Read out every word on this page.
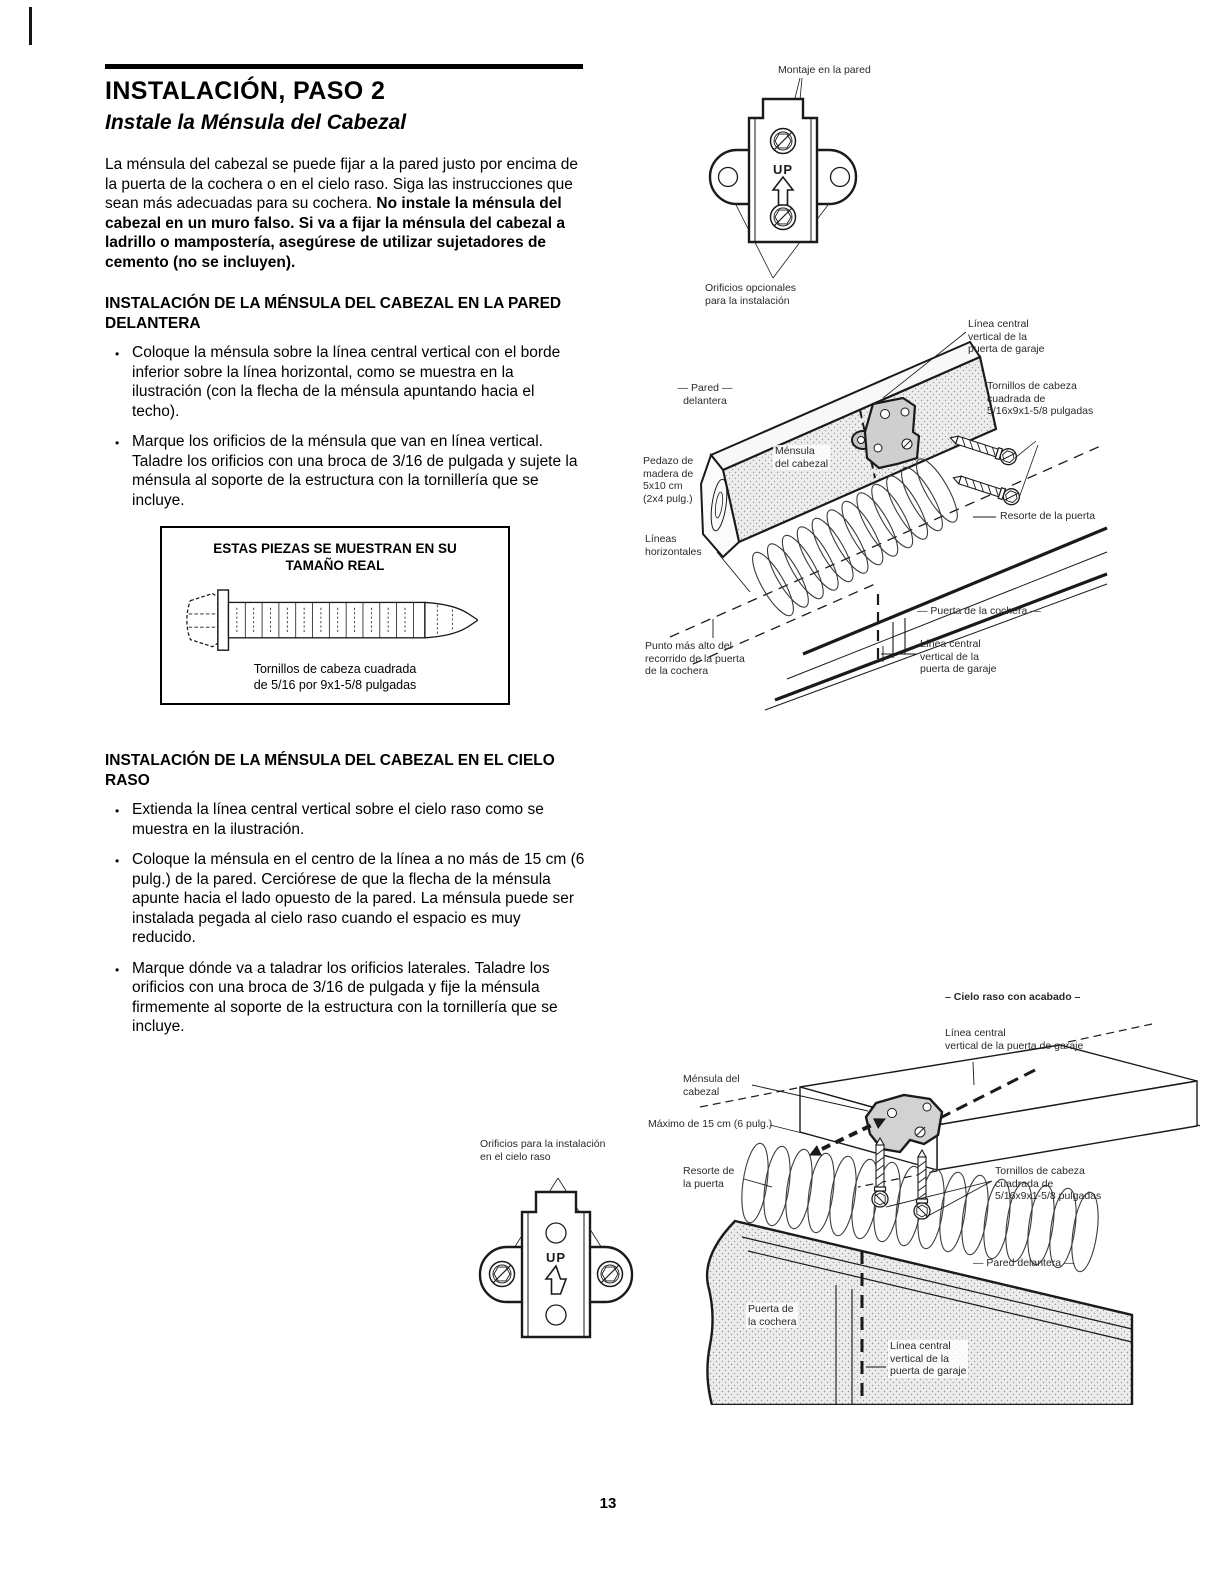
INSTALACIÓN, PASO 2
Instale la Ménsula del Cabezal

La ménsula del cabezal se puede fijar a la pared justo por encima de la puerta de la cochera o en el cielo raso. Siga las instrucciones que sean más adecuadas para su cochera. No instale la ménsula del cabezal en un muro falso. Si va a fijar la ménsula del cabezal a ladrillo o mampostería, asegúrese de utilizar sujetadores de cemento (no se incluyen).

INSTALACIÓN DE LA MÉNSULA DEL CABEZAL EN LA PARED DELANTERA
• Coloque la ménsula sobre la línea central vertical con el borde inferior sobre la línea horizontal, como se muestra en la ilustración (con la flecha de la ménsula apuntando hacia el techo).
• Marque los orificios de la ménsula que van en línea vertical. Taladre los orificios con una broca de 3/16 de pulgada y sujete la ménsula al soporte de la estructura con la tornillería que se incluye.
ESTAS PIEZAS SE MUESTRAN EN SU
TAMAÑO REAL
Tornillos de cabeza cuadrada
de 5/16 por 9x1-5/8 pulgadas
INSTALACIÓN DE LA MÉNSULA DEL CABEZAL EN EL CIELO RASO
• Extienda la línea central vertical sobre el cielo raso como se muestra en la ilustración.
• Coloque la ménsula en el centro de la línea a no más de 15 cm (6 pulg.) de la pared. Cerciórese de que la flecha de la ménsula apunte hacia el lado opuesto de la pared. La ménsula puede ser instalada pegada al cielo raso cuando el espacio es muy reducido.
• Marque dónde va a taladrar los orificios laterales. Taladre los orificios con una broca de 3/16 de pulgada y fije la ménsula firmemente al soporte de la estructura con la tornillería que se incluye.
UP
Montaje en la pared
Orificios opcionales
para la instalación
Línea central
vertical de la
puerta de garaje
— Pared —
delantera
Pedazo de
madera de
5x10 cm
(2x4 pulg.)
Ménsula
del cabezal
Tornillos de cabeza
cuadrada de
5/16x9x1-5/8 pulgadas
Resorte de la puerta
Líneas
horizontales
Punto más alto del
recorrido de la puerta
de la cochera
— Puerta de la cochera —
Línea central
vertical de la
puerta de garaje
UP
Orificios para la instalación
en el cielo raso
– Cielo raso con acabado –
Línea central
vertical de la puerta de garaje
Ménsula del
cabezal
Máximo de 15 cm (6 pulg.)
Resorte de
la puerta
Tornillos de cabeza
cuadrada de
5/16x9x1-5/8 pulgadas
— Pared delantera —
Puerta de
la cochera
Línea central
vertical de la
puerta de garaje
13
